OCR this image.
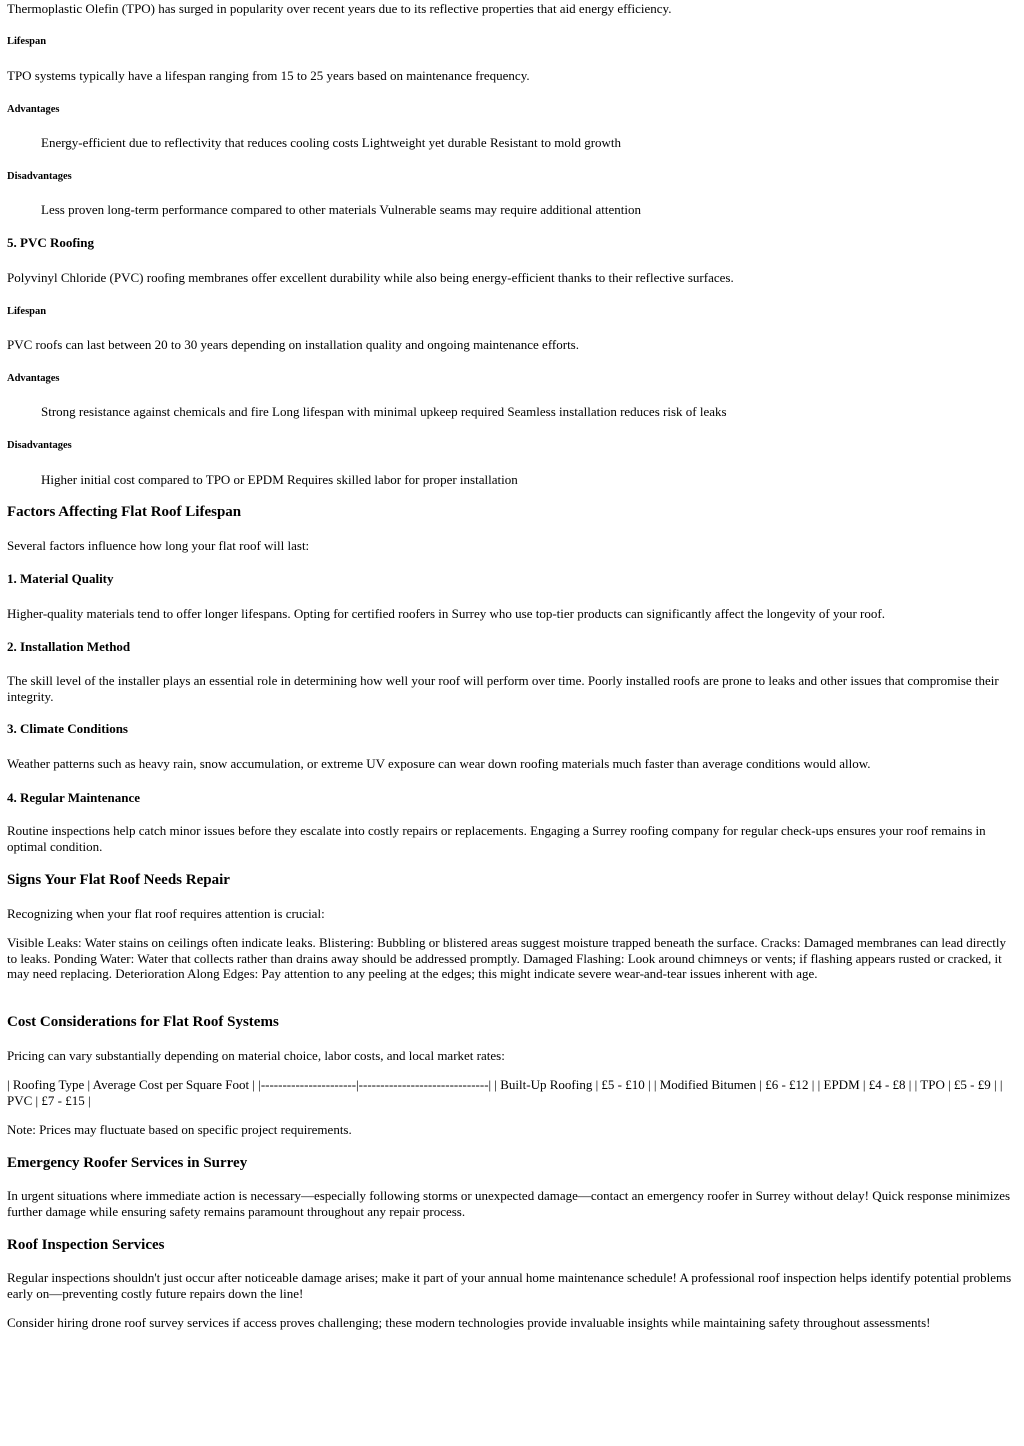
Thermoplastic Olefin (TPO) has surged in popularity over recent years due to its reflective properties that aid energy efficiency.

Lifespan

TPO systems typically have a lifespan ranging from 15 to 25 years based on maintenance frequency.

Advantages

Energy-efficient due to reflectivity that reduces cooling costs Lightweight yet durable Resistant to mold growth

Disadvantages

Less proven long-term performance compared to other materials Vulnerable seams may require additional attention

5. PVC Roofing

Polyvinyl Chloride (PVC) roofing membranes offer excellent durability while also being energy-efficient thanks to their reflective surfaces.

Lifespan

PVC roofs can last between 20 to 30 years depending on installation quality and ongoing maintenance efforts.

Advantages

Strong resistance against chemicals and fire Long lifespan with minimal upkeep required Seamless installation reduces risk of leaks

Disadvantages

Higher initial cost compared to TPO or EPDM Requires skilled labor for proper installation

Factors Affecting Flat Roof Lifespan

Several factors influence how long your flat roof will last:

1. Material Quality

Higher-quality materials tend to offer longer lifespans. Opting for certified roofers in Surrey who use top-tier products can significantly affect the longevity of your roof.

2. Installation Method

The skill level of the installer plays an essential role in determining how well your roof will perform over time. Poorly installed roofs are prone to leaks and other issues that compromise their integrity.

3. Climate Conditions

Weather patterns such as heavy rain, snow accumulation, or extreme UV exposure can wear down roofing materials much faster than average conditions would allow.

4. Regular Maintenance

Routine inspections help catch minor issues before they escalate into costly repairs or replacements. Engaging a Surrey roofing company for regular check-ups ensures your roof remains in optimal condition.

Signs Your Flat Roof Needs Repair

Recognizing when your flat roof requires attention is crucial:

Visible Leaks: Water stains on ceilings often indicate leaks. Blistering: Bubbling or blistered areas suggest moisture trapped beneath the surface. Cracks: Damaged membranes can lead directly to leaks. Ponding Water: Water that collects rather than drains away should be addressed promptly. Damaged Flashing: Look around chimneys or vents; if flashing appears rusted or cracked, it may need replacing. Deterioration Along Edges: Pay attention to any peeling at the edges; this might indicate severe wear-and-tear issues inherent with age.

Cost Considerations for Flat Roof Systems

Pricing can vary substantially depending on material choice, labor costs, and local market rates:

| Roofing Type | Average Cost per Square Foot | |----------------------|------------------------------| | Built-Up Roofing | £5 - £10 | | Modified Bitumen | £6 - £12 | | EPDM | £4 - £8 | | TPO | £5 - £9 | | PVC | £7 - £15 |

Note: Prices may fluctuate based on specific project requirements.

Emergency Roofer Services in Surrey

In urgent situations where immediate action is necessary—especially following storms or unexpected damage—contact an emergency roofer in Surrey without delay! Quick response minimizes further damage while ensuring safety remains paramount throughout any repair process.

Roof Inspection Services

Regular inspections shouldn't just occur after noticeable damage arises; make it part of your annual home maintenance schedule! A professional roof inspection helps identify potential problems early on—preventing costly future repairs down the line!

Consider hiring drone roof survey services if access proves challenging; these modern technologies provide invaluable insights while maintaining safety throughout assessments!
